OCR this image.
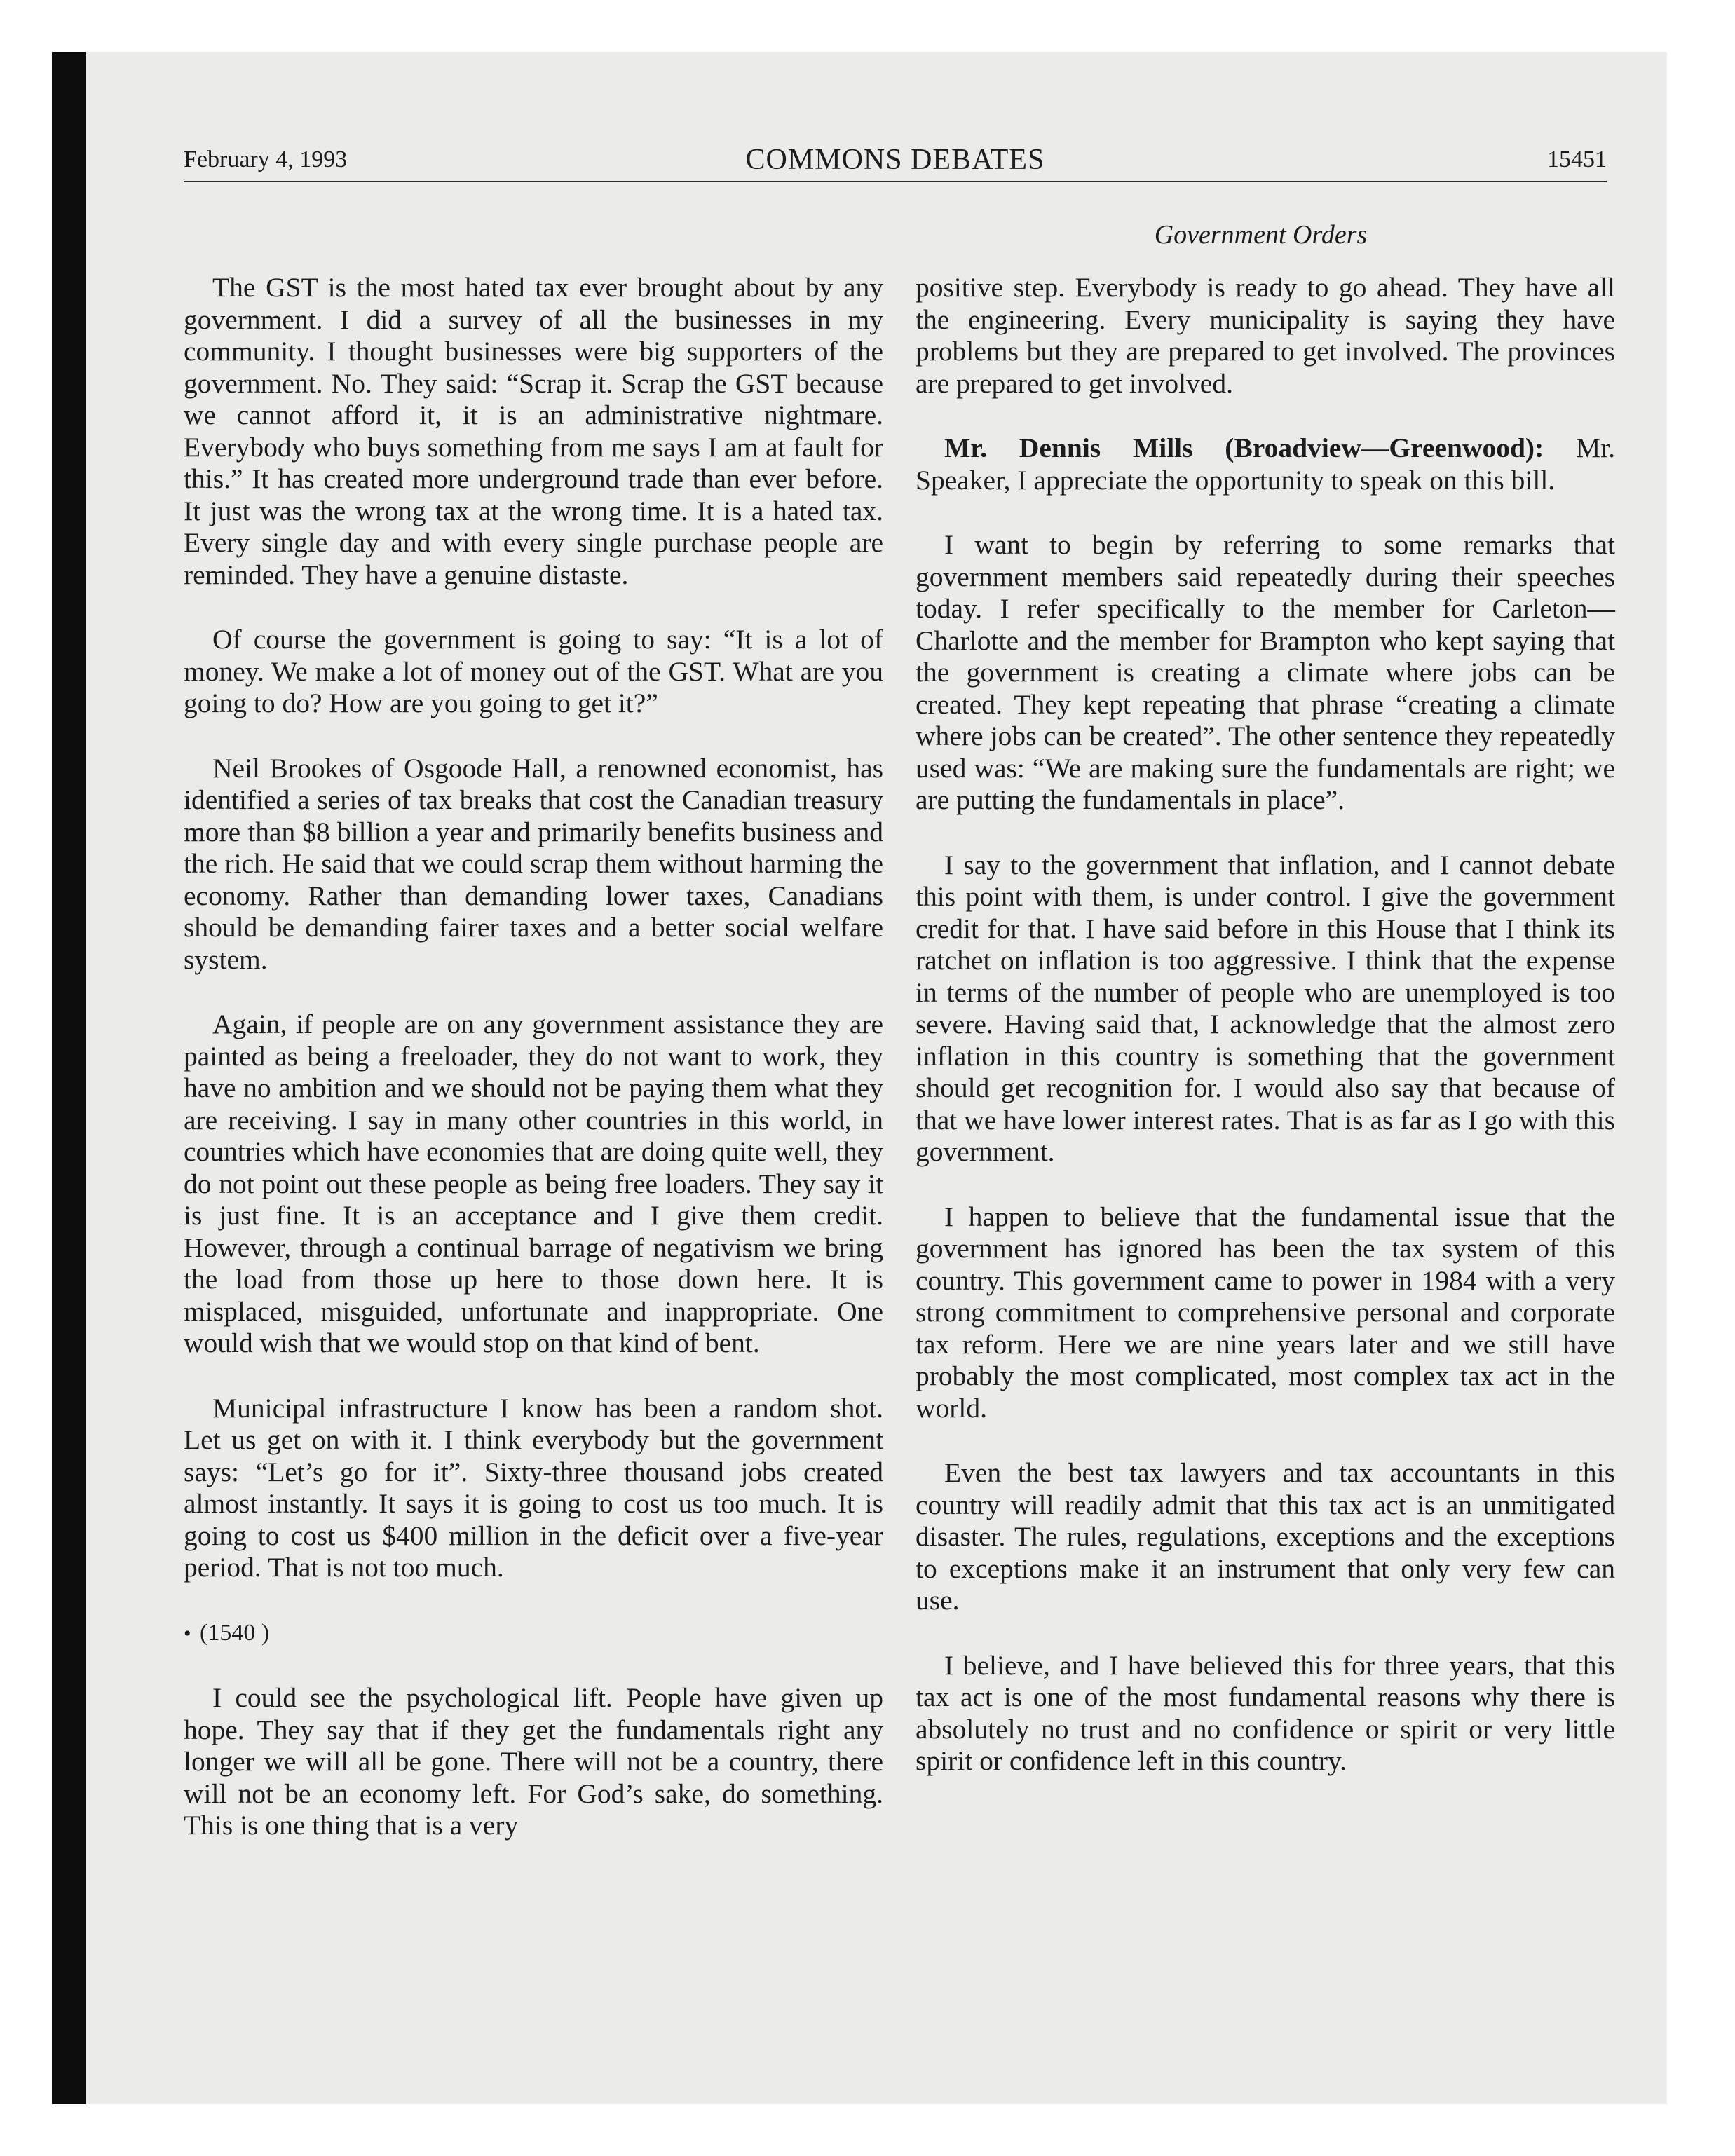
February 4, 1993	COMMONS DEBATES	15451
Government Orders

The GST is the most hated tax ever brought about by any government. I did a survey of all the businesses in my community. I thought businesses were big supporters of the government. No. They said: “Scrap it. Scrap the GST because we cannot afford it, it is an administrative nightmare. Everybody who buys something from me says I am at fault for this.” It has created more underground trade than ever before. It just was the wrong tax at the wrong time. It is a hated tax. Every single day and with every single purchase people are reminded. They have a genuine distaste.

Of course the government is going to say: “It is a lot of money. We make a lot of money out of the GST. What are you going to do? How are you going to get it?”

Neil Brookes of Osgoode Hall, a renowned economist, has identified a series of tax breaks that cost the Canadian treasury more than $8 billion a year and primarily benefits business and the rich. He said that we could scrap them without harming the economy. Rather than demanding lower taxes, Canadians should be demanding fairer taxes and a better social welfare system.

Again, if people are on any government assistance they are painted as being a freeloader, they do not want to work, they have no ambition and we should not be paying them what they are receiving. I say in many other countries in this world, in countries which have economies that are doing quite well, they do not point out these people as being free loaders. They say it is just fine. It is an acceptance and I give them credit. However, through a continual barrage of negativism we bring the load from those up here to those down here. It is misplaced, misguided, unfortunate and inappropriate. One would wish that we would stop on that kind of bent.

Municipal infrastructure I know has been a random shot. Let us get on with it. I think everybody but the government says: “Let’s go for it”. Sixty-three thousand jobs created almost instantly. It says it is going to cost us too much. It is going to cost us $400 million in the deficit over a five-year period. That is not too much.

• (1540 )

I could see the psychological lift. People have given up hope. They say that if they get the fundamentals right any longer we will all be gone. There will not be a country, there will not be an economy left. For God’s sake, do something. This is one thing that is a very

positive step. Everybody is ready to go ahead. They have all the engineering. Every municipality is saying they have problems but they are prepared to get involved. The provinces are prepared to get involved.

Mr. Dennis Mills (Broadview—Greenwood): Mr. Speaker, I appreciate the opportunity to speak on this bill.

I want to begin by referring to some remarks that government members said repeatedly during their speeches today. I refer specifically to the member for Carleton—Charlotte and the member for Brampton who kept saying that the government is creating a climate where jobs can be created. They kept repeating that phrase “creating a climate where jobs can be created”. The other sentence they repeatedly used was: “We are making sure the fundamentals are right; we are putting the fundamentals in place”.

I say to the government that inflation, and I cannot debate this point with them, is under control. I give the government credit for that. I have said before in this House that I think its ratchet on inflation is too aggressive. I think that the expense in terms of the number of people who are unemployed is too severe. Having said that, I acknowledge that the almost zero inflation in this country is something that the government should get recognition for. I would also say that because of that we have lower interest rates. That is as far as I go with this government.

I happen to believe that the fundamental issue that the government has ignored has been the tax system of this country. This government came to power in 1984 with a very strong commitment to comprehensive personal and corporate tax reform. Here we are nine years later and we still have probably the most complicated, most complex tax act in the world.

Even the best tax lawyers and tax accountants in this country will readily admit that this tax act is an unmitigated disaster. The rules, regulations, exceptions and the exceptions to exceptions make it an instrument that only very few can use.

I believe, and I have believed this for three years, that this tax act is one of the most fundamental reasons why there is absolutely no trust and no confidence or spirit or very little spirit or confidence left in this country.
